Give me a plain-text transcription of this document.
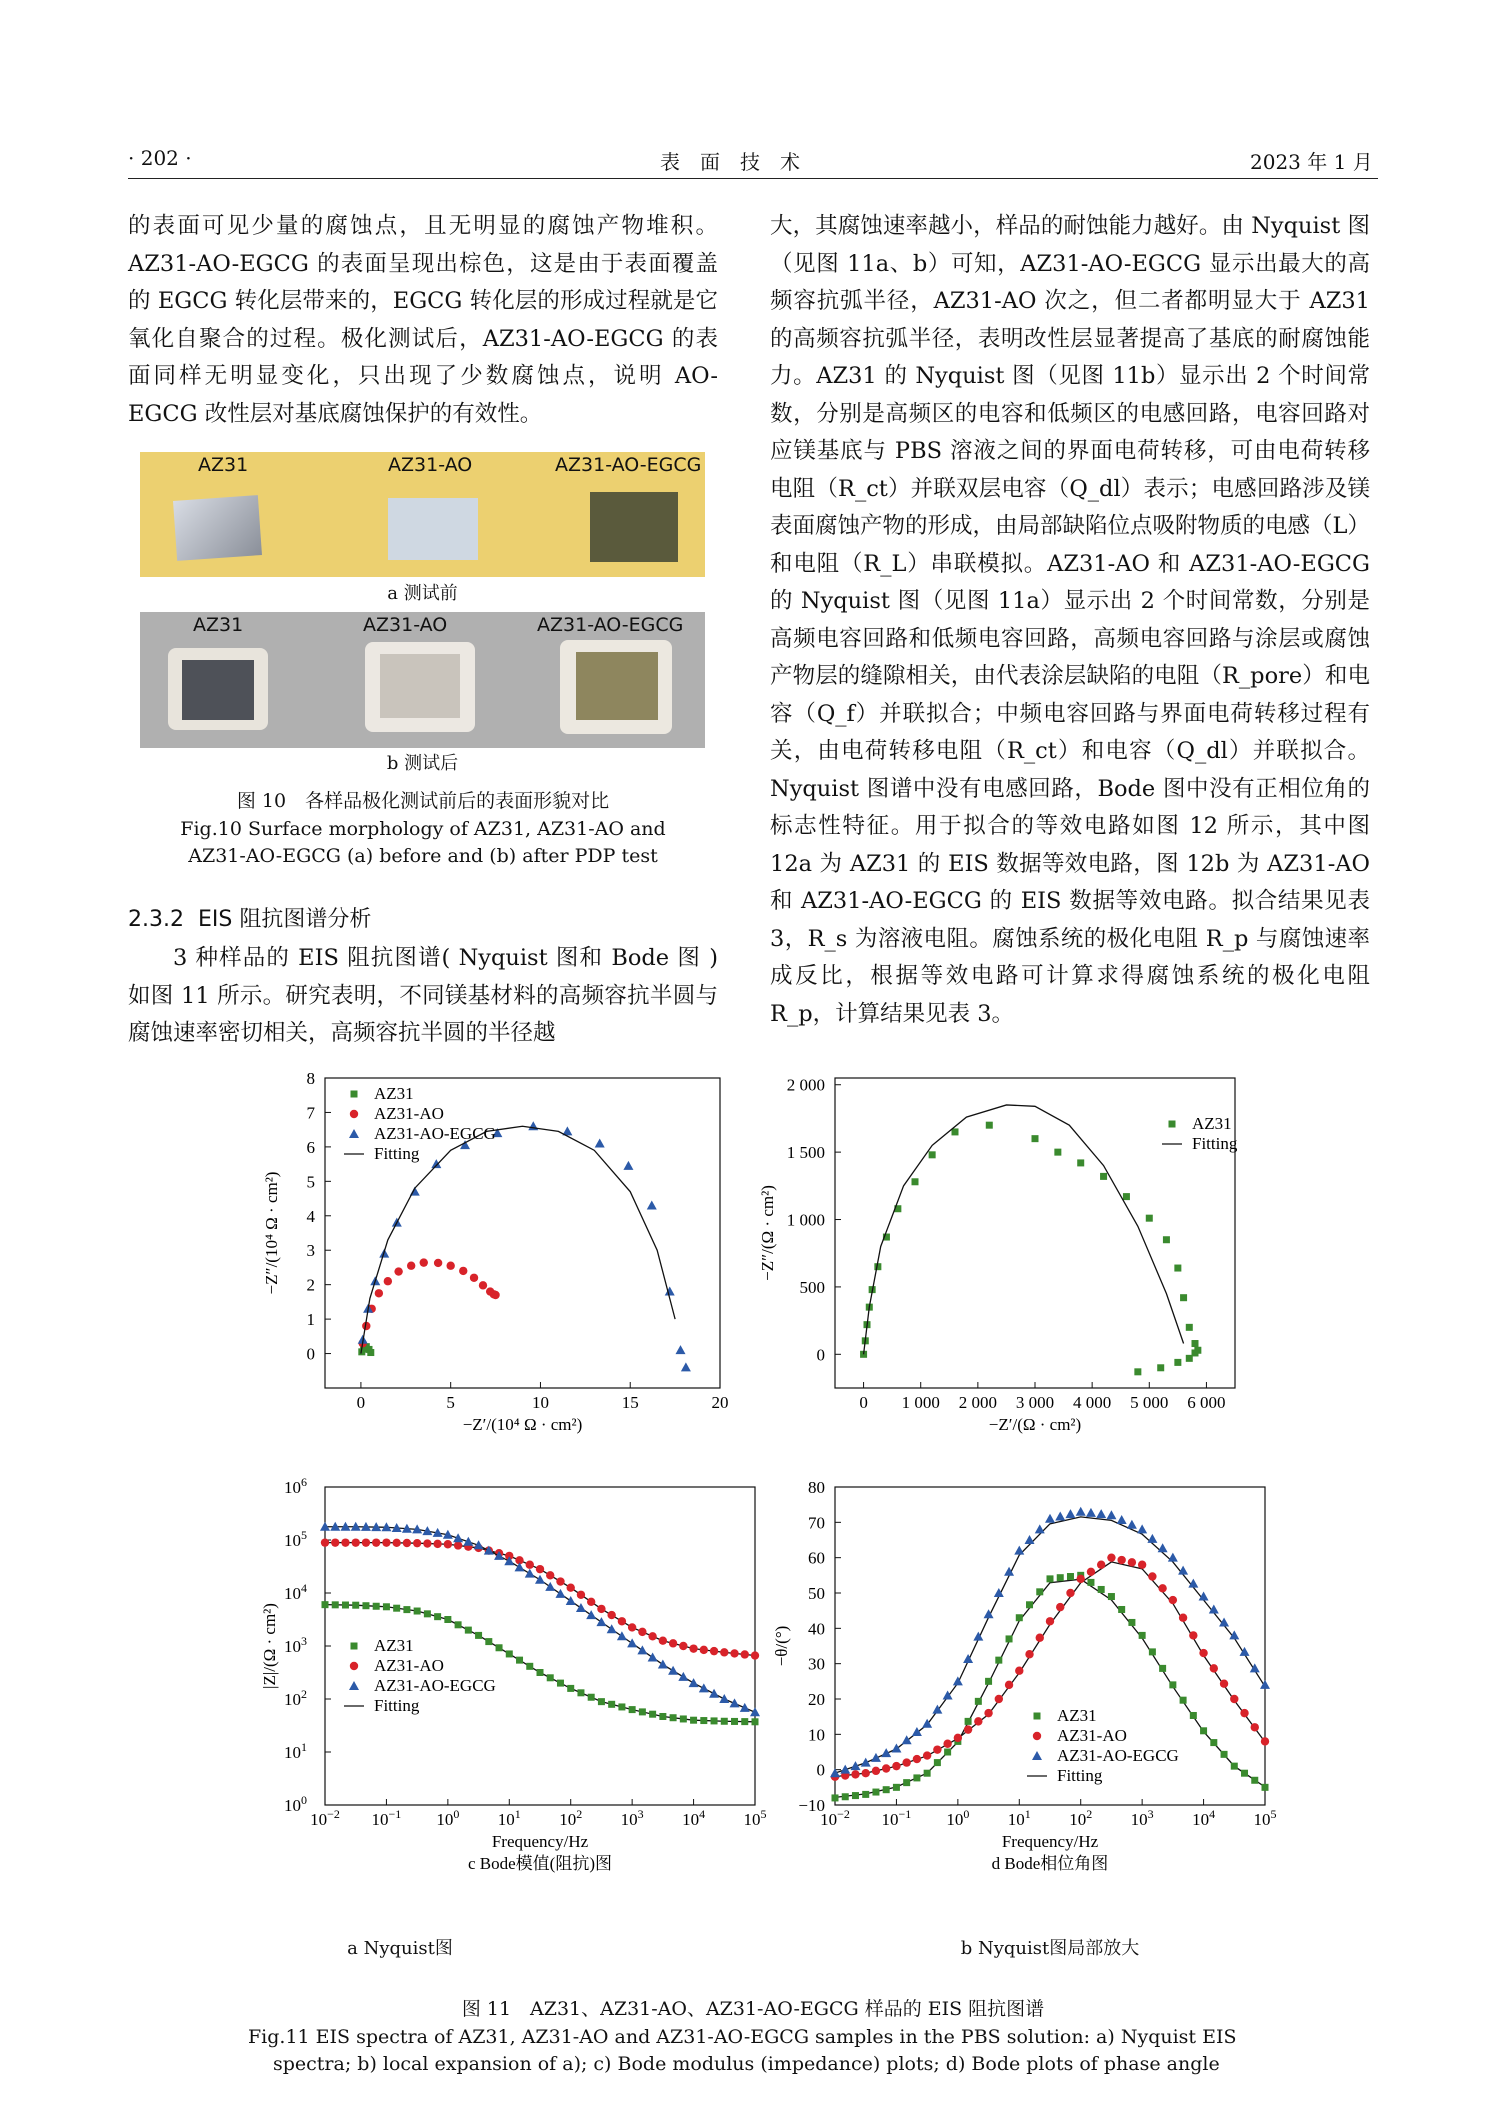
· 202 ·	表　面　技　术	2023 年 1 月

的表面可见少量的腐蚀点，且无明显的腐蚀产物堆积。AZ31-AO-EGCG 的表面呈现出棕色，这是由于表面覆盖的 EGCG 转化层带来的，EGCG 转化层的形成过程就是它氧化自聚合的过程。极化测试后，AZ31-AO-EGCG 的表面同样无明显变化，只出现了少数腐蚀点，说明 AO-EGCG 改性层对基底腐蚀保护的有效性。

AZ31	AZ31-AO	AZ31-AO-EGCG
a 测试前
AZ31	AZ31-AO	AZ31-AO-EGCG
b 测试后
图 10　各样品极化测试前后的表面形貌对比
Fig.10 Surface morphology of AZ31, AZ31-AO and
AZ31-AO-EGCG (a) before and (b) after PDP test
2.3.2 EIS 阻抗图谱分析

3 种样品的 EIS 阻抗图谱( Nyquist 图和 Bode 图 ) 如图 11 所示。研究表明，不同镁基材料的高频容抗半圆与腐蚀速率密切相关，高频容抗半圆的半径越

大，其腐蚀速率越小，样品的耐蚀能力越好。由 Nyquist 图（见图 11a、b）可知，AZ31-AO-EGCG 显示出最大的高频容抗弧半径，AZ31-AO 次之，但二者都明显大于 AZ31 的高频容抗弧半径，表明改性层显著提高了基底的耐腐蚀能力。AZ31 的 Nyquist 图（见图 11b）显示出 2 个时间常数，分别是高频区的电容和低频区的电感回路，电容回路对应镁基底与 PBS 溶液之间的界面电荷转移，可由电荷转移电阻（R_ct）并联双层电容（Q_dl）表示；电感回路涉及镁表面腐蚀产物的形成，由局部缺陷位点吸附物质的电感（L）和电阻（R_L）串联模拟。AZ31-AO 和 AZ31-AO-EGCG 的 Nyquist 图（见图 11a）显示出 2 个时间常数，分别是高频电容回路和低频电容回路，高频电容回路与涂层或腐蚀产物层的缝隙相关，由代表涂层缺陷的电阻（R_pore）和电容（Q_f）并联拟合；中频电容回路与界面电荷转移过程有关，由电荷转移电阻（R_ct）和电容（Q_dl）并联拟合。Nyquist 图谱中没有电感回路，Bode 图中没有正相位角的标志性特征。用于拟合的等效电路如图 12 所示，其中图 12a 为 AZ31 的 EIS 数据等效电路，图 12b 为 AZ31-AO 和 AZ31-AO-EGCG 的 EIS 数据等效电路。拟合结果见表 3，R_s 为溶液电阻。腐蚀系统的极化电阻 R_p 与腐蚀速率成反比，根据等效电路可计算求得腐蚀系统的极化电阻 R_p，计算结果见表 3。

0	5	10	15	20
0
1
2
3
4
5
6
7
8
−Z′/(10⁴ Ω · cm²)
−Z″/(10⁴ Ω · cm²)
AZ31
AZ31-AO
AZ31-AO-EGCG
Fitting
0 1 000 2 000 3 000 4 000 5 000 6 000
0
500
1 000
1 500
2 000
−Z′/(Ω · cm²)
−Z″/(Ω · cm²)
AZ31
Fitting
$10^{-2}$ $10^{-1}$ $10^0$ $10^1$ $10^2$ $10^3$ $10^4$ $10^5$
$10^0$
$10^1$
$10^2$
$10^3$
$10^4$
$10^5$
$10^6$
Frequency/Hz
|Z|/(Ω · cm²)	AZ31
AZ31-AO
AZ31-AO-EGCG
Fitting
c Bode模值(阻抗)图
$10^{-2}$ $10^{-1}$ $10^0$ $10^1$ $10^2$ $10^3$ $10^4$ $10^5$
−10
0
10
20
30
40
50
60
70
80
Frequency/Hz
−θ/(°)
AZ31
AZ31-AO
AZ31-AO-EGCG
Fitting
d Bode相位角图
a Nyquist图	b Nyquist图局部放大
图 11　AZ31、AZ31-AO、AZ31-AO-EGCG 样品的 EIS 阻抗图谱
Fig.11 EIS spectra of AZ31, AZ31-AO and AZ31-AO-EGCG samples in the PBS solution: a) Nyquist EIS
spectra; b) local expansion of a); c) Bode modulus (impedance) plots; d) Bode plots of phase angle
